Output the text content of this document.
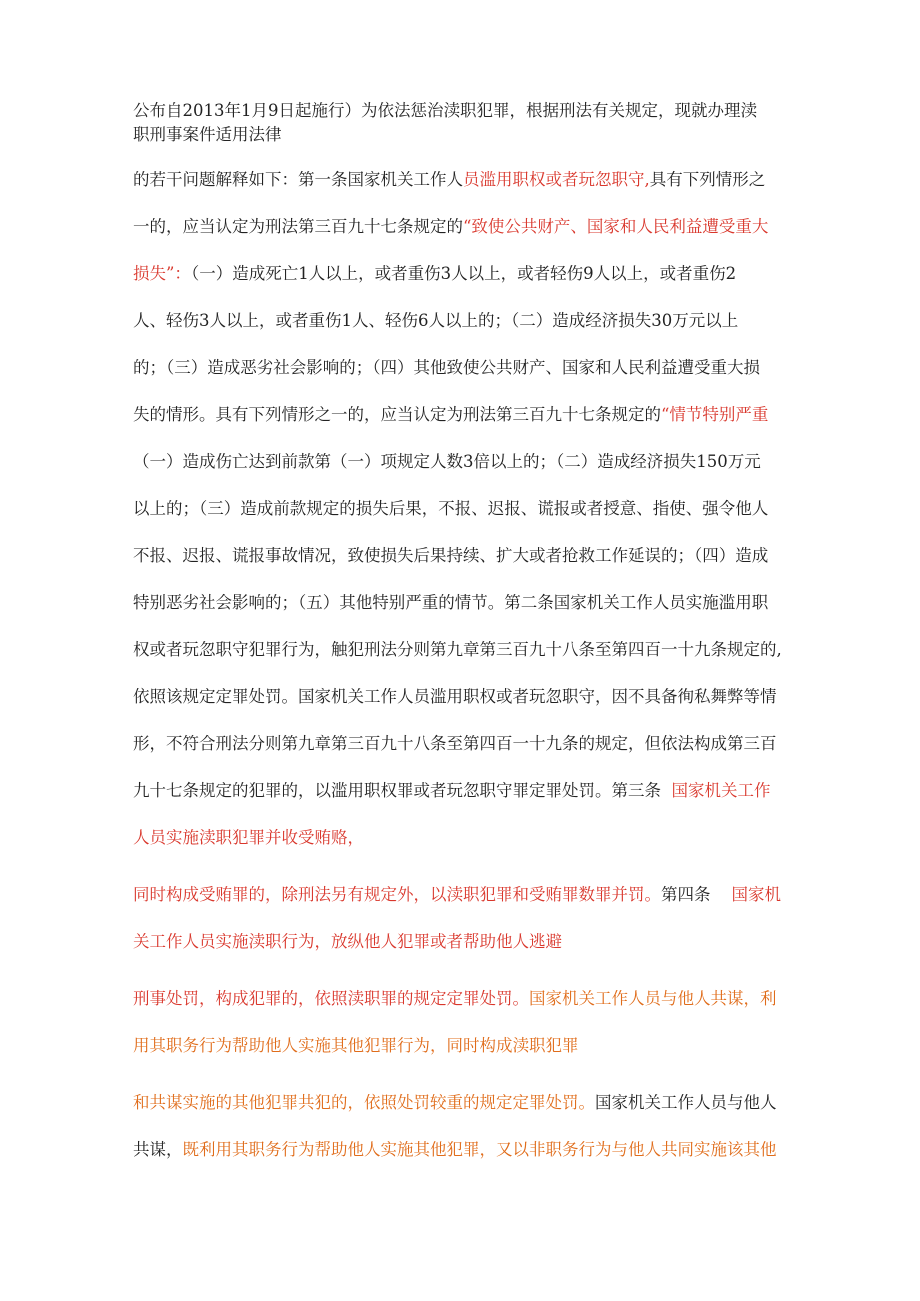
公布自2013年1月9日起施行）为依法惩治渎职犯罪，根据刑法有关规定，现就办理渎
职刑事案件适用法律
的若干问题解释如下：第一条国家机关工作人员滥用职权或者玩忽职守,具有下列情形之
一的，应当认定为刑法第三百九十七条规定的“致使公共财产、国家和人民利益遭受重大
损失”：（一）造成死亡1人以上，或者重伤3人以上，或者轻伤9人以上，或者重伤2
人、轻伤3人以上，或者重伤1人、轻伤6人以上的；（二）造成经济损失30万元以上
的；（三）造成恶劣社会影响的；（四）其他致使公共财产、国家和人民利益遭受重大损
失的情形。具有下列情形之一的，应当认定为刑法第三百九十七条规定的“情节特别严重
（一）造成伤亡达到前款第（一）项规定人数3倍以上的；（二）造成经济损失150万元
以上的；（三）造成前款规定的损失后果，不报、迟报、谎报或者授意、指使、强令他人
不报、迟报、谎报事故情况，致使损失后果持续、扩大或者抢救工作延误的；（四）造成
特别恶劣社会影响的；（五）其他特别严重的情节。第二条国家机关工作人员实施滥用职
权或者玩忽职守犯罪行为，触犯刑法分则第九章第三百九十八条至第四百一十九条规定的,
依照该规定定罪处罚。国家机关工作人员滥用职权或者玩忽职守，因不具备徇私舞弊等情
形，不符合刑法分则第九章第三百九十八条至第四百一十九条的规定，但依法构成第三百
九十七条规定的犯罪的，以滥用职权罪或者玩忽职守罪定罪处罚。第三条  国家机关工作
人员实施渎职犯罪并收受贿赂，
同时构成受贿罪的，除刑法另有规定外，以渎职犯罪和受贿罪数罪并罚。第四条    国家机
关工作人员实施渎职行为，放纵他人犯罪或者帮助他人逃避
刑事处罚，构成犯罪的，依照渎职罪的规定定罪处罚。国家机关工作人员与他人共谋，利
用其职务行为帮助他人实施其他犯罪行为，同时构成渎职犯罪
和共谋实施的其他犯罪共犯的，依照处罚较重的规定定罪处罚。国家机关工作人员与他人
共谋，既利用其职务行为帮助他人实施其他犯罪，又以非职务行为与他人共同实施该其他
